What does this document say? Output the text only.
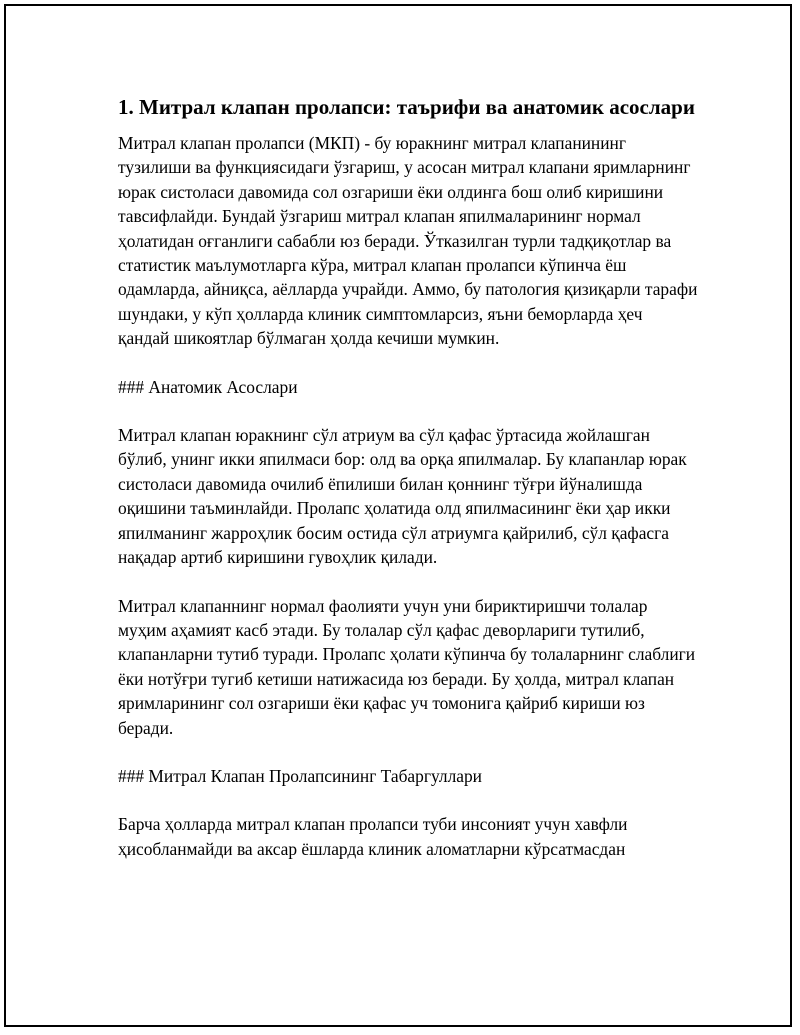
1. Митрал клапан пролапси: таърифи ва анатомик асослари

Митрал клапан пролапси (МКП) - бу юракнинг митрал клапанининг тузилиши ва функциясидаги ўзгариш, у асосан митрал клапани яримларнинг юрак систоласи давомида сол озгариши ёки олдинга бош олиб киришини тавсифлайди. Бундай ўзгариш митрал клапан япилмаларининг нормал ҳолатидан оғганлиги сабабли юз беради. Ўтказилган турли тадқиқотлар ва статистик маълумотларга кўра, митрал клапан пролапси кўпинча ёш одамларда, айниқса, аёлларда учрайди. Аммо, бу патология қизиқарли тарафи шундаки, у кўп ҳолларда клиник симптомларсиз, яъни беморларда ҳеч қандай шикоятлар бўлмаган ҳолда кечиши мумкин.

### Анатомик Асослари

Митрал клапан юракнинг сўл атриум ва сўл қафас ўртасида жойлашган бўлиб, унинг икки япилмаси бор: олд ва орқа япилмалар. Бу клапанлар юрак систоласи давомида очилиб ёпилиши билан қоннинг тўғри йўналишда оқишини таъминлайди. Пролапс ҳолатида олд япилмасининг ёки ҳар икки япилманинг жарроҳлик босим остида сўл атриумга қайрилиб, сўл қафасга нақадар артиб киришини гувоҳлик қилади.

Митрал клапаннинг нормал фаолияти учун уни бириктиришчи толалар муҳим аҳамият касб этади. Бу толалар сўл қафас деворлариги тутилиб, клапанларни тутиб туради. Пролапс ҳолати кўпинча бу толаларнинг слаблиги ёки нотўғри тугиб кетиши натижасида юз беради. Бу ҳолда, митрал клапан яримларининг сол озгариши ёки қафас уч томонига қайриб кириши юз беради.

### Митрал Клапан Пролапсининг Табаргуллари

Барча ҳолларда митрал клапан пролапси туби инсоният учун хавфли ҳисобланмайди ва аксар ёшларда клиник аломатларни кўрсатмасдан
